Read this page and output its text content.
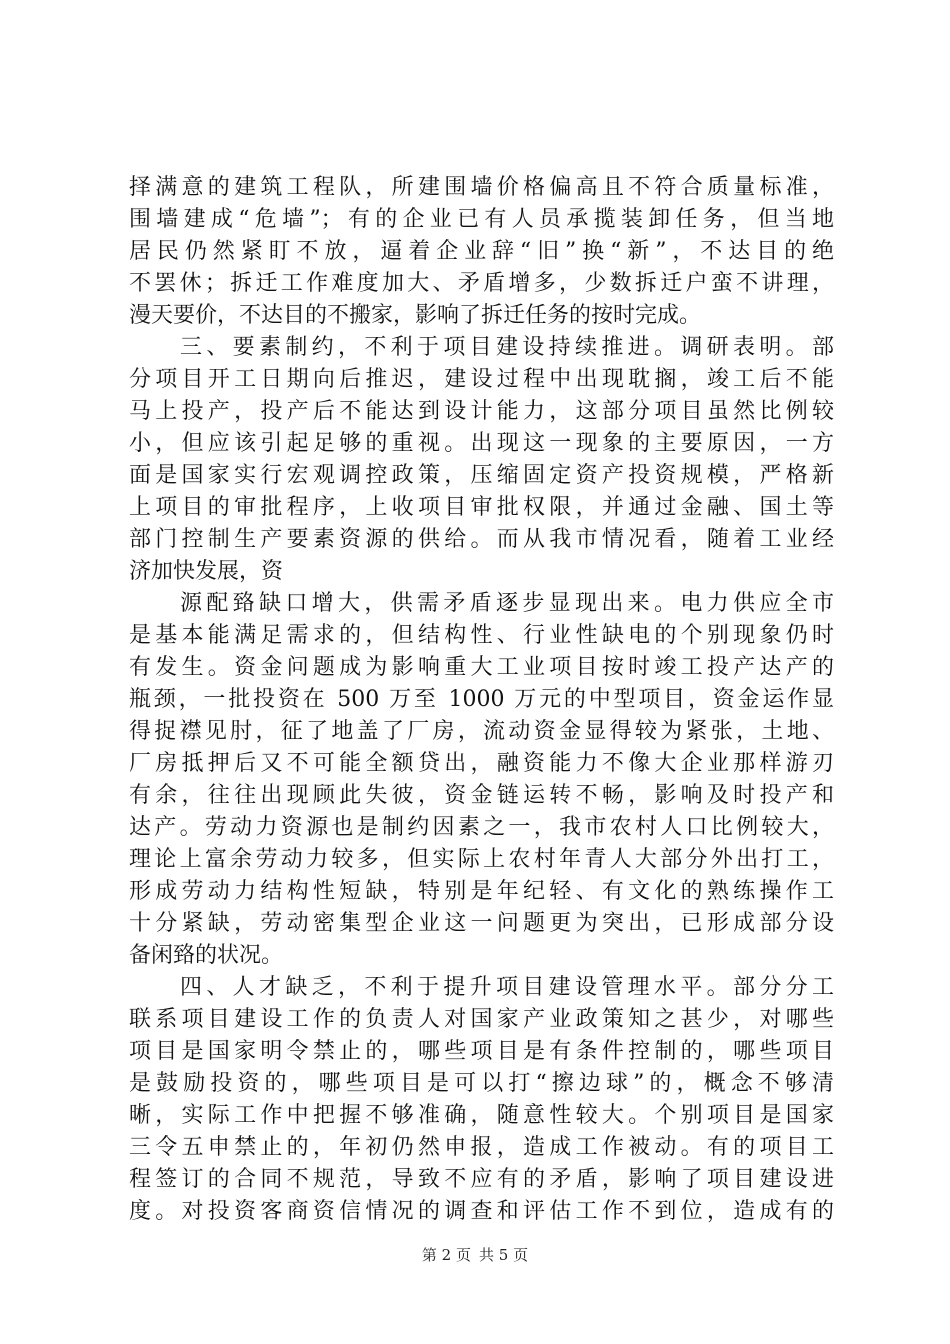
择满意的建筑工程队，所建围墙价格偏高且不符合质量标准，
围墙建成“危墙”；有的企业已有人员承揽装卸任务，但当地
居民仍然紧盯不放，逼着企业辞“旧”换“新”，不达目的绝
不罢休；拆迁工作难度加大、矛盾增多，少数拆迁户蛮不讲理，
漫天要价，不达目的不搬家，影响了拆迁任务的按时完成。
三、要素制约，不利于项目建设持续推进。调研表明。部
分项目开工日期向后推迟，建设过程中出现耽搁，竣工后不能
马上投产，投产后不能达到设计能力，这部分项目虽然比例较
小，但应该引起足够的重视。出现这一现象的主要原因，一方
面是国家实行宏观调控政策，压缩固定资产投资规模，严格新
上项目的审批程序，上收项目审批权限，并通过金融、国土等
部门控制生产要素资源的供给。而从我市情况看，随着工业经
济加快发展，资
源配臵缺口增大，供需矛盾逐步显现出来。电力供应全市
是基本能满足需求的，但结构性、行业性缺电的个别现象仍时
有发生。资金问题成为影响重大工业项目按时竣工投产达产的
瓶颈，一批投资在 500 万至 1000 万元的中型项目，资金运作显
得捉襟见肘，征了地盖了厂房，流动资金显得较为紧张，土地、
厂房抵押后又不可能全额贷出，融资能力不像大企业那样游刃
有余，往往出现顾此失彼，资金链运转不畅，影响及时投产和
达产。劳动力资源也是制约因素之一，我市农村人口比例较大，
理论上富余劳动力较多，但实际上农村年青人大部分外出打工，
形成劳动力结构性短缺，特别是年纪轻、有文化的熟练操作工
十分紧缺，劳动密集型企业这一问题更为突出，已形成部分设
备闲臵的状况。
四、人才缺乏，不利于提升项目建设管理水平。部分分工
联系项目建设工作的负责人对国家产业政策知之甚少，对哪些
项目是国家明令禁止的，哪些项目是有条件控制的，哪些项目
是鼓励投资的，哪些项目是可以打“擦边球”的，概念不够清
晰，实际工作中把握不够准确，随意性较大。个别项目是国家
三令五申禁止的，年初仍然申报，造成工作被动。有的项目工
程签订的合同不规范，导致不应有的矛盾，影响了项目建设进
度。对投资客商资信情况的调查和评估工作不到位，造成有的
第 2 页 共 5 页
